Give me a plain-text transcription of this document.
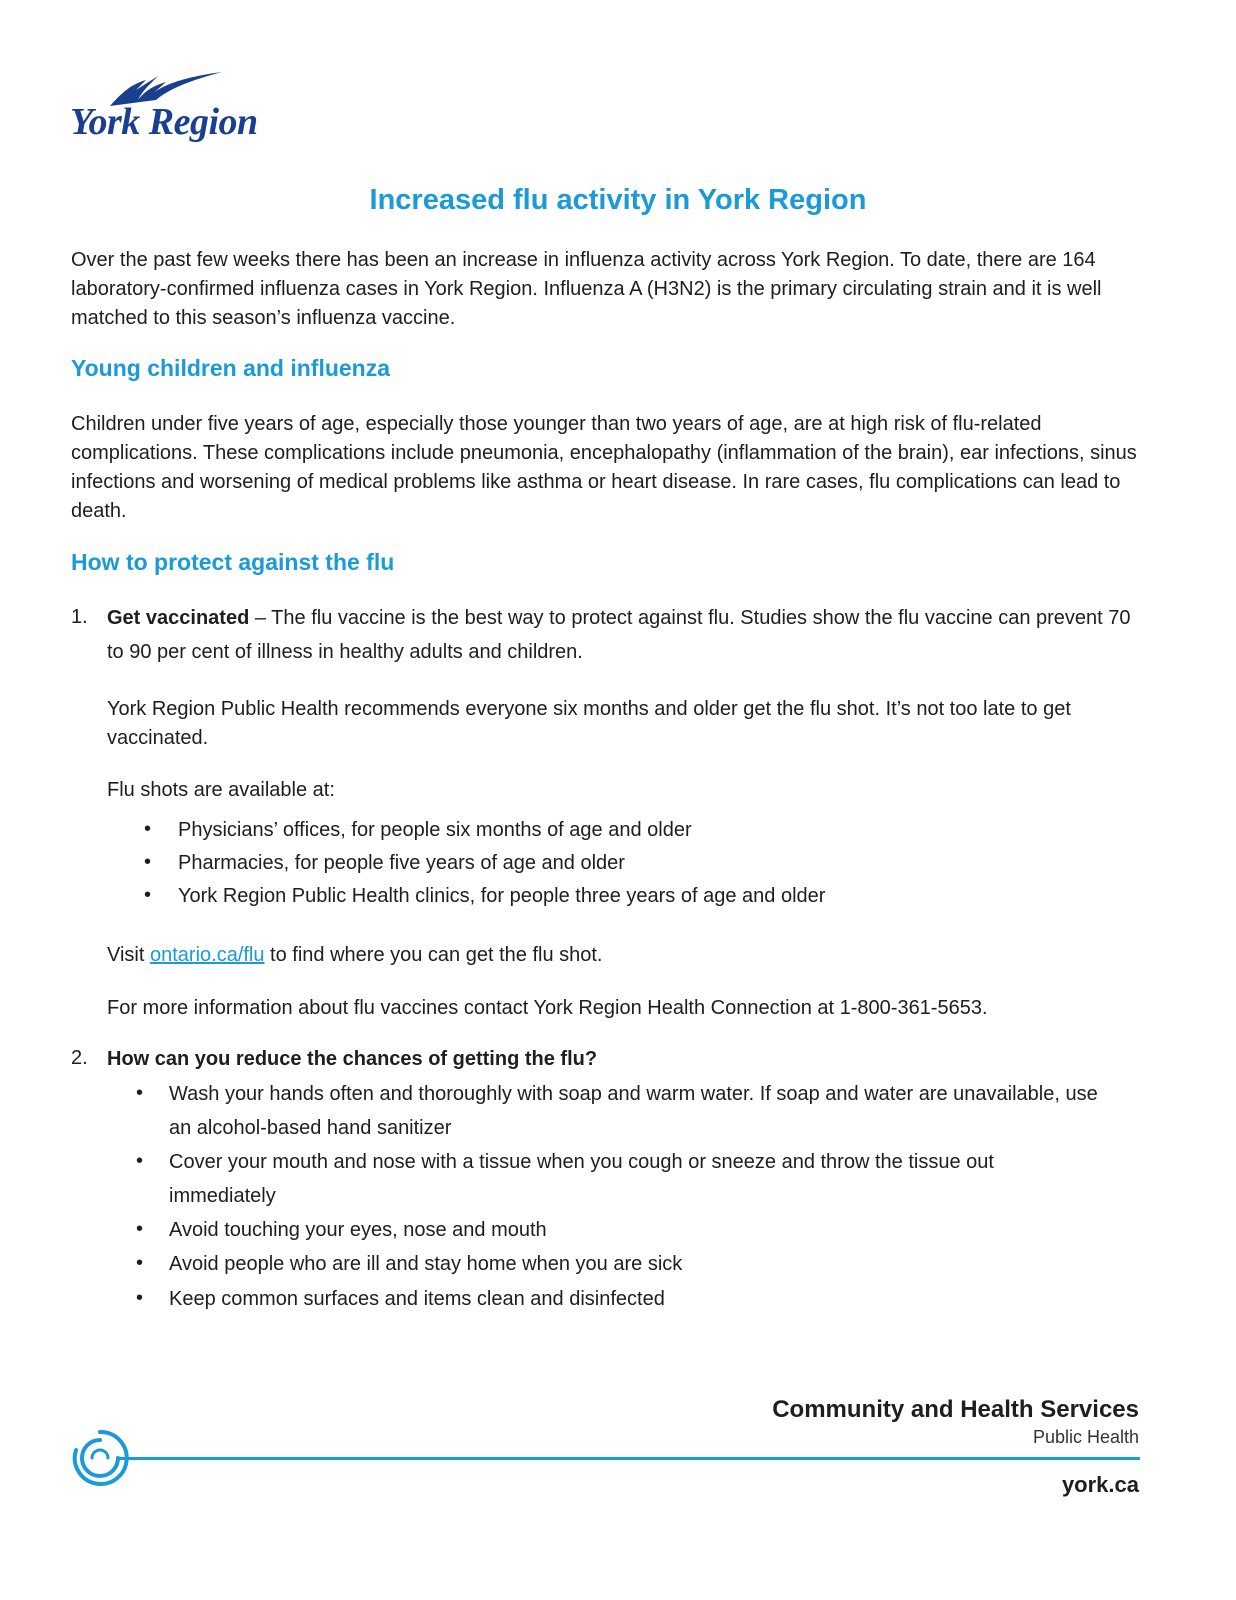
York Region
Increased flu activity in York Region
Over the past few weeks there has been an increase in influenza activity across York Region. To date, there are 164 laboratory-confirmed influenza cases in York Region. Influenza A (H3N2) is the primary circulating strain and it is well matched to this season’s influenza vaccine.
Young children and influenza
Children under five years of age, especially those younger than two years of age, are at high risk of flu-related complications. These complications include pneumonia, encephalopathy (inflammation of the brain), ear infections, sinus infections and worsening of medical problems like asthma or heart disease. In rare cases, flu complications can lead to death.
How to protect against the flu
1. Get vaccinated – The flu vaccine is the best way to protect against flu. Studies show the flu vaccine can prevent 70 to 90 per cent of illness in healthy adults and children.
York Region Public Health recommends everyone six months and older get the flu shot. It’s not too late to get vaccinated.
Flu shots are available at:
• Physicians’ offices, for people six months of age and older
• Pharmacies, for people five years of age and older
• York Region Public Health clinics, for people three years of age and older
Visit ontario.ca/flu to find where you can get the flu shot.
For more information about flu vaccines contact York Region Health Connection at 1-800-361-5653.
2. How can you reduce the chances of getting the flu?
• Wash your hands often and thoroughly with soap and warm water. If soap and water are unavailable, use an alcohol-based hand sanitizer
• Cover your mouth and nose with a tissue when you cough or sneeze and throw the tissue out immediately
• Avoid touching your eyes, nose and mouth
• Avoid people who are ill and stay home when you are sick
• Keep common surfaces and items clean and disinfected
Community and Health Services
Public Health
york.ca
